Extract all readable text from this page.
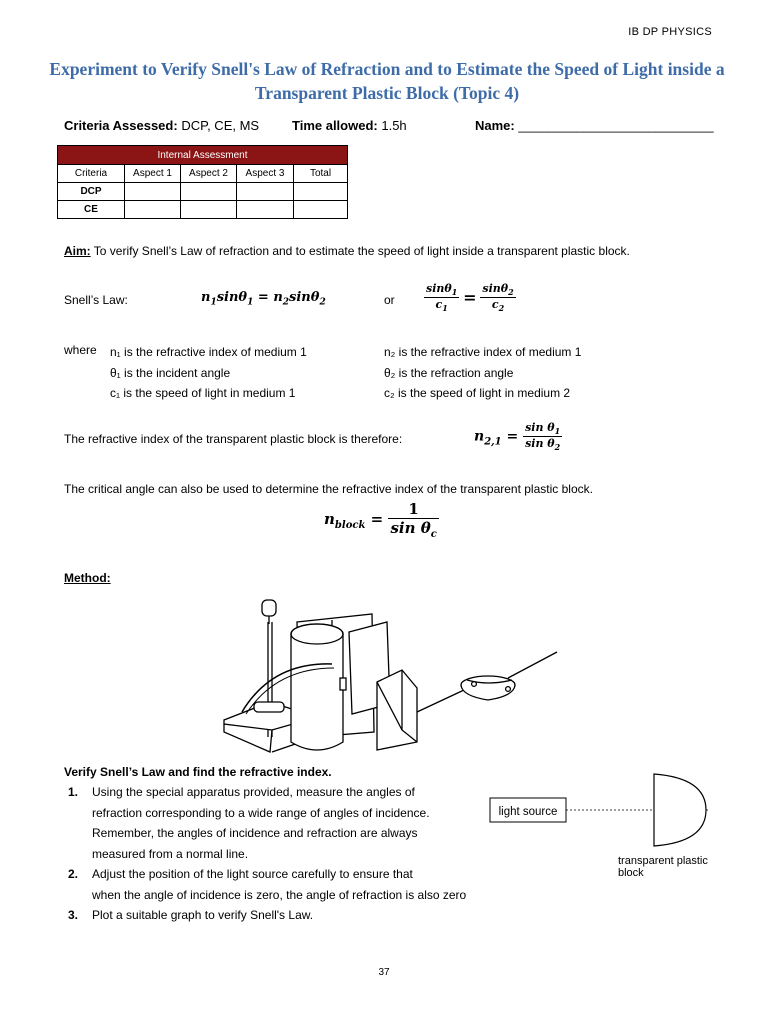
IB DP PHYSICS
Experiment to Verify Snell's Law of Refraction and to Estimate the Speed of Light inside a Transparent Plastic Block (Topic 4)
Criteria Assessed: DCP, CE, MS	Time allowed: 1.5h	Name: ___________________________
Internal Assessment				
Criteria	Aspect 1	Aspect 2	Aspect 3	Total
DCP				
CE				
Aim: To verify Snell’s Law of refraction and to estimate the speed of light inside a transparent plastic block.
Snell’s Law:	$n_1\sin\theta_1 = n_2\sin\theta_2$	or	$\frac{\sin\theta_1}{c_1} = \frac{\sin\theta_2}{c_2}$
where n₁ is the refractive index of medium 1
θ₁ is the incident angle
c₁ is the speed of light in medium 1
n₂ is the refractive index of medium 1
θ₂ is the refraction angle
c₂ is the speed of light in medium 2
The refractive index of the transparent plastic block is therefore:	$n_{2,1} = \frac{\sin \theta_1}{\sin \theta_2}$
The critical angle can also be used to determine the refractive index of the transparent plastic block.
$n_{block} = \frac{1}{\sin \theta_c}$
Method:
Verify Snell’s Law and find the refractive index.
1. Using the special apparatus provided, measure the angles of
refraction corresponding to a wide range of angles of incidence.
Remember, the angles of incidence and refraction are always
measured from a normal line.
2. Adjust the position of the light source carefully to ensure that
when the angle of incidence is zero, the angle of refraction is also zero
3. Plot a suitable graph to verify Snell's Law.
light source
transparent plastic
block
37
